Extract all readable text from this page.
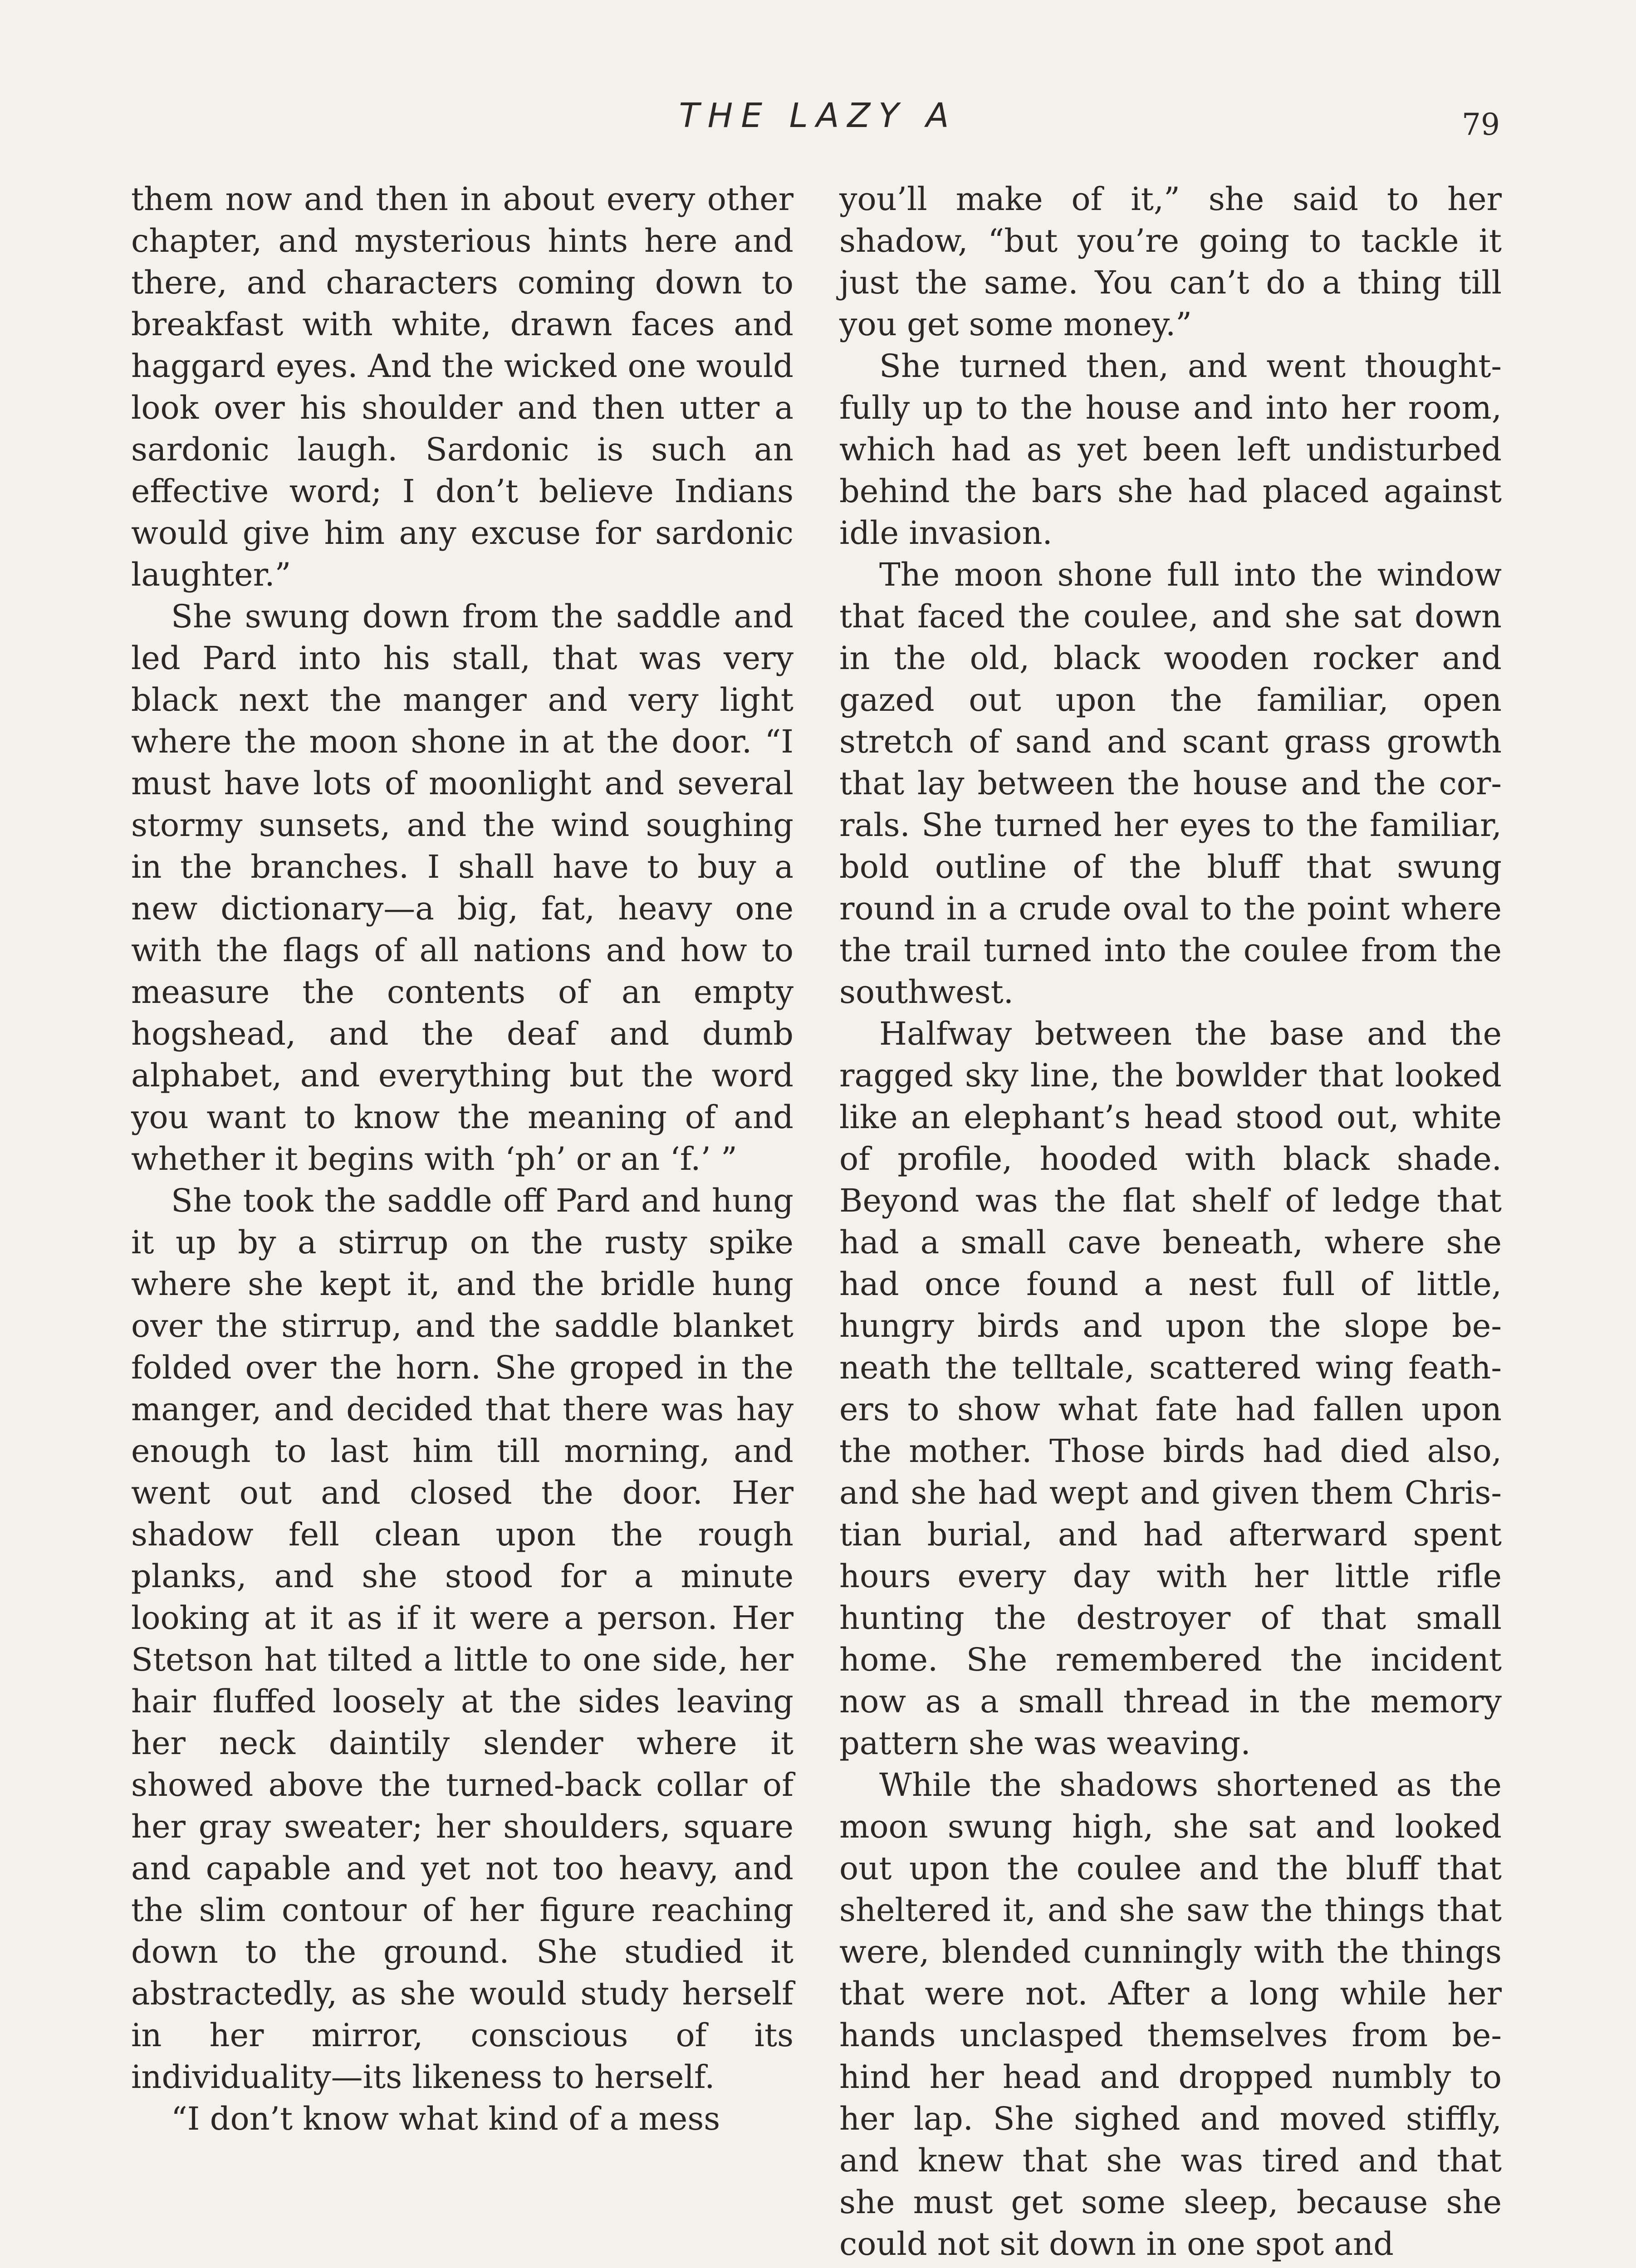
THE LAZY A	79

them now and then in about every other chapter, and mysterious hints here and there, and characters coming down to breakfast with white, drawn faces and haggard eyes. And the wicked one would look over his shoulder and then utter a sardonic laugh. Sardonic is such an effective word; I don’t believe Indians would give him any excuse for sardonic laughter.”

She swung down from the saddle and led Pard into his stall, that was very black next the manger and very light where the moon shone in at the door. “I must have lots of moonlight and several stormy sunsets, and the wind soughing in the branches. I shall have to buy a new dictionary—a big, fat, heavy one with the flags of all nations and how to measure the contents of an empty hogshead, and the deaf and dumb alphabet, and everything but the word you want to know the meaning of and whether it begins with ‘ph’ or an ‘f.’ ”

She took the saddle off Pard and hung it up by a stirrup on the rusty spike where she kept it, and the bridle hung over the stirrup, and the saddle blanket folded over the horn. She groped in the manger, and decided that there was hay enough to last him till morning, and went out and closed the door. Her shadow fell clean upon the rough planks, and she stood for a minute looking at it as if it were a person. Her Stetson hat tilted a little to one side, her hair fluffed loosely at the sides leaving her neck daintily slender where it showed above the turned-back collar of her gray sweater; her shoulders, square and capable and yet not too heavy, and the slim contour of her figure reaching down to the ground. She studied it abstractedly, as she would study herself in her mirror, conscious of its individuality—its likeness to herself.

“I don’t know what kind of a mess

you’ll make of it,” she said to her shadow, “but you’re going to tackle it just the same. You can’t do a thing till you get some money.”

She turned then, and went thoughtfully up to the house and into her room, which had as yet been left undisturbed behind the bars she had placed against idle invasion.

The moon shone full into the window that faced the coulee, and she sat down in the old, black wooden rocker and gazed out upon the familiar, open stretch of sand and scant grass growth that lay between the house and the corrals. She turned her eyes to the familiar, bold outline of the bluff that swung round in a crude oval to the point where the trail turned into the coulee from the southwest.

Halfway between the base and the ragged sky line, the bowlder that looked like an elephant’s head stood out, white of profile, hooded with black shade. Beyond was the flat shelf of ledge that had a small cave beneath, where she had once found a nest full of little, hungry birds and upon the slope beneath the telltale, scattered wing feathers to show what fate had fallen upon the mother. Those birds had died also, and she had wept and given them Christian burial, and had afterward spent hours every day with her little rifle hunting the destroyer of that small home. She remembered the incident now as a small thread in the memory pattern she was weaving.

While the shadows shortened as the moon swung high, she sat and looked out upon the coulee and the bluff that sheltered it, and she saw the things that were, blended cunningly with the things that were not. After a long while her hands unclasped themselves from behind her head and dropped numbly to her lap. She sighed and moved stiffly, and knew that she was tired and that she must get some sleep, because she could not sit down in one spot and
